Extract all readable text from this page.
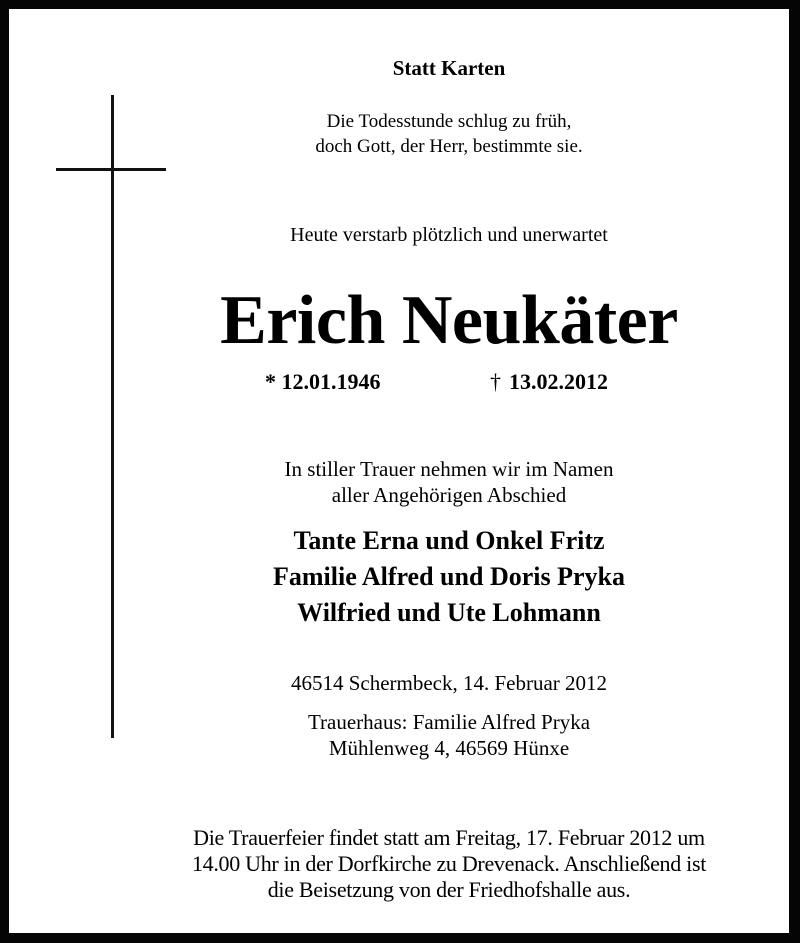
Statt Karten
Die Todesstunde schlug zu früh,
doch Gott, der Herr, bestimmte sie.
Heute verstarb plötzlich und unerwartet
Erich Neukäter
* 12.01.1946	† 13.02.2012
In stiller Trauer nehmen wir im Namen
aller Angehörigen Abschied
Tante Erna und Onkel Fritz
Familie Alfred und Doris Pryka
Wilfried und Ute Lohmann
46514 Schermbeck, 14. Februar 2012
Trauerhaus: Familie Alfred Pryka
Mühlenweg 4, 46569 Hünxe
Die Trauerfeier findet statt am Freitag, 17. Februar 2012 um
14.00 Uhr in der Dorfkirche zu Drevenack. Anschließend ist
die Beisetzung von der Friedhofshalle aus.
